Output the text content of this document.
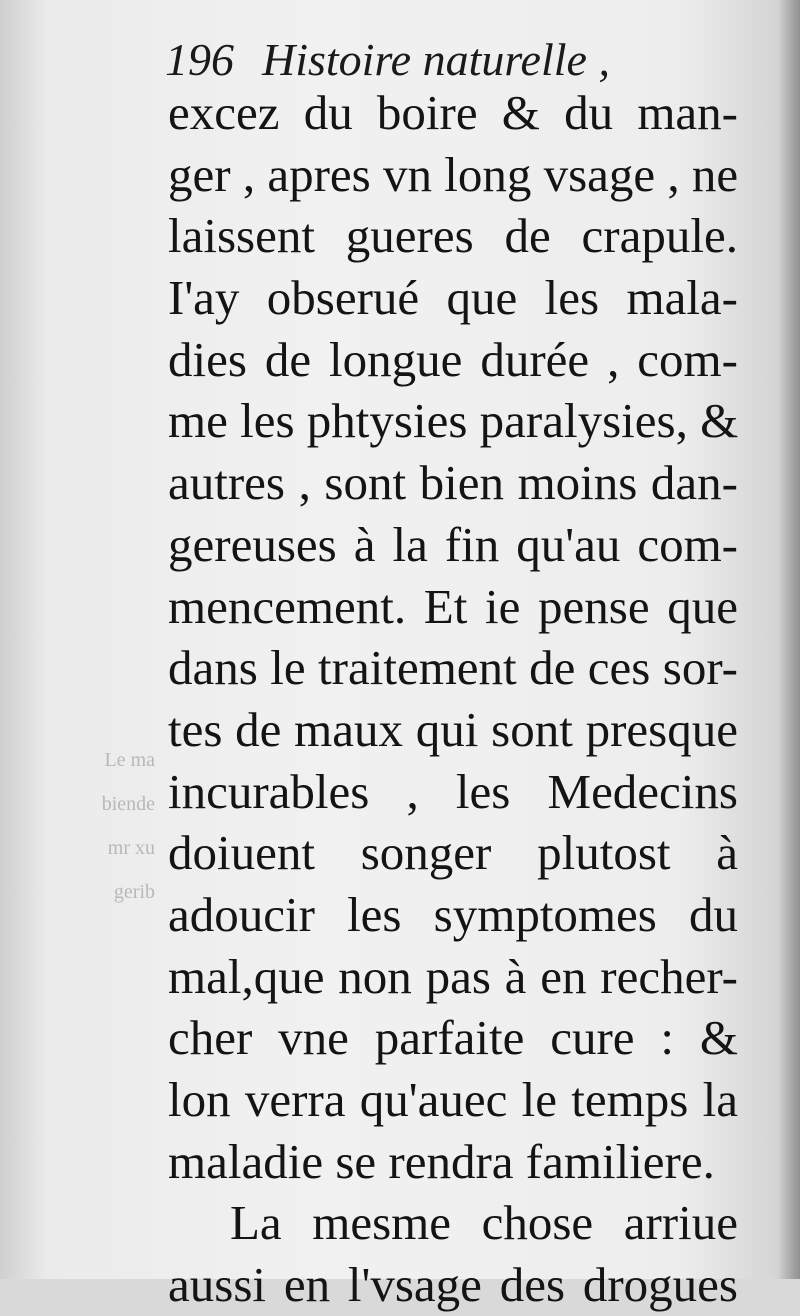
196 Histoire naturelle ,
Le ma
biende
mr xu
gerib
excez du boire & du man-
ger , apres vn long vsage , ne
laissent gueres de crapule.
I'ay obserué que les mala-
dies de longue durée , com-
me les phtysies paralysies, &
autres , sont bien moins dan-
gereuses à la fin qu'au com-
mencement. Et ie pense que
dans le traitement de ces sor-
tes de maux qui sont presque
incurables , les Medecins
doiuent songer plutost à
adoucir les symptomes du
mal,que non pas à en recher-
cher vne parfaite cure : &
lon verra qu'auec le temps la
maladie se rendra familiere.
La mesme chose arriue
aussi en l'vsage des drogues
